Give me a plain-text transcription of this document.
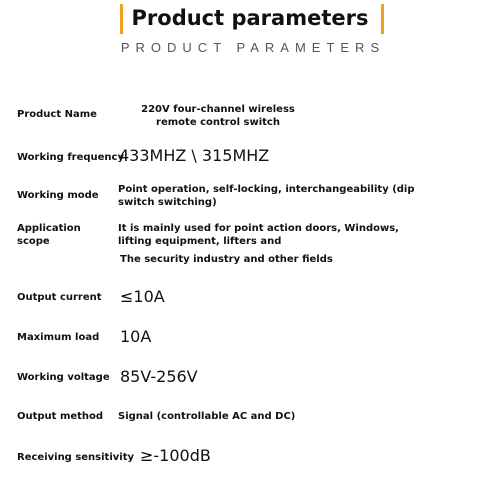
Product parameters
PRODUCT PARAMETERS
Product Name	220V four-channel wireless remote control switch
Working frequency
433MHZ \ 315MHZ
Working mode
Point operation, self-locking, interchangeability (dip switch switching)
Application scope
It is mainly used for point action doors, Windows, lifting equipment, lifters and
The security industry and other fields
Output current ≤10A
Maximum load 10A
Working voltage 85V-256V
Output method Signal (controllable AC and DC)
Receiving sensitivity ≥-100dB
